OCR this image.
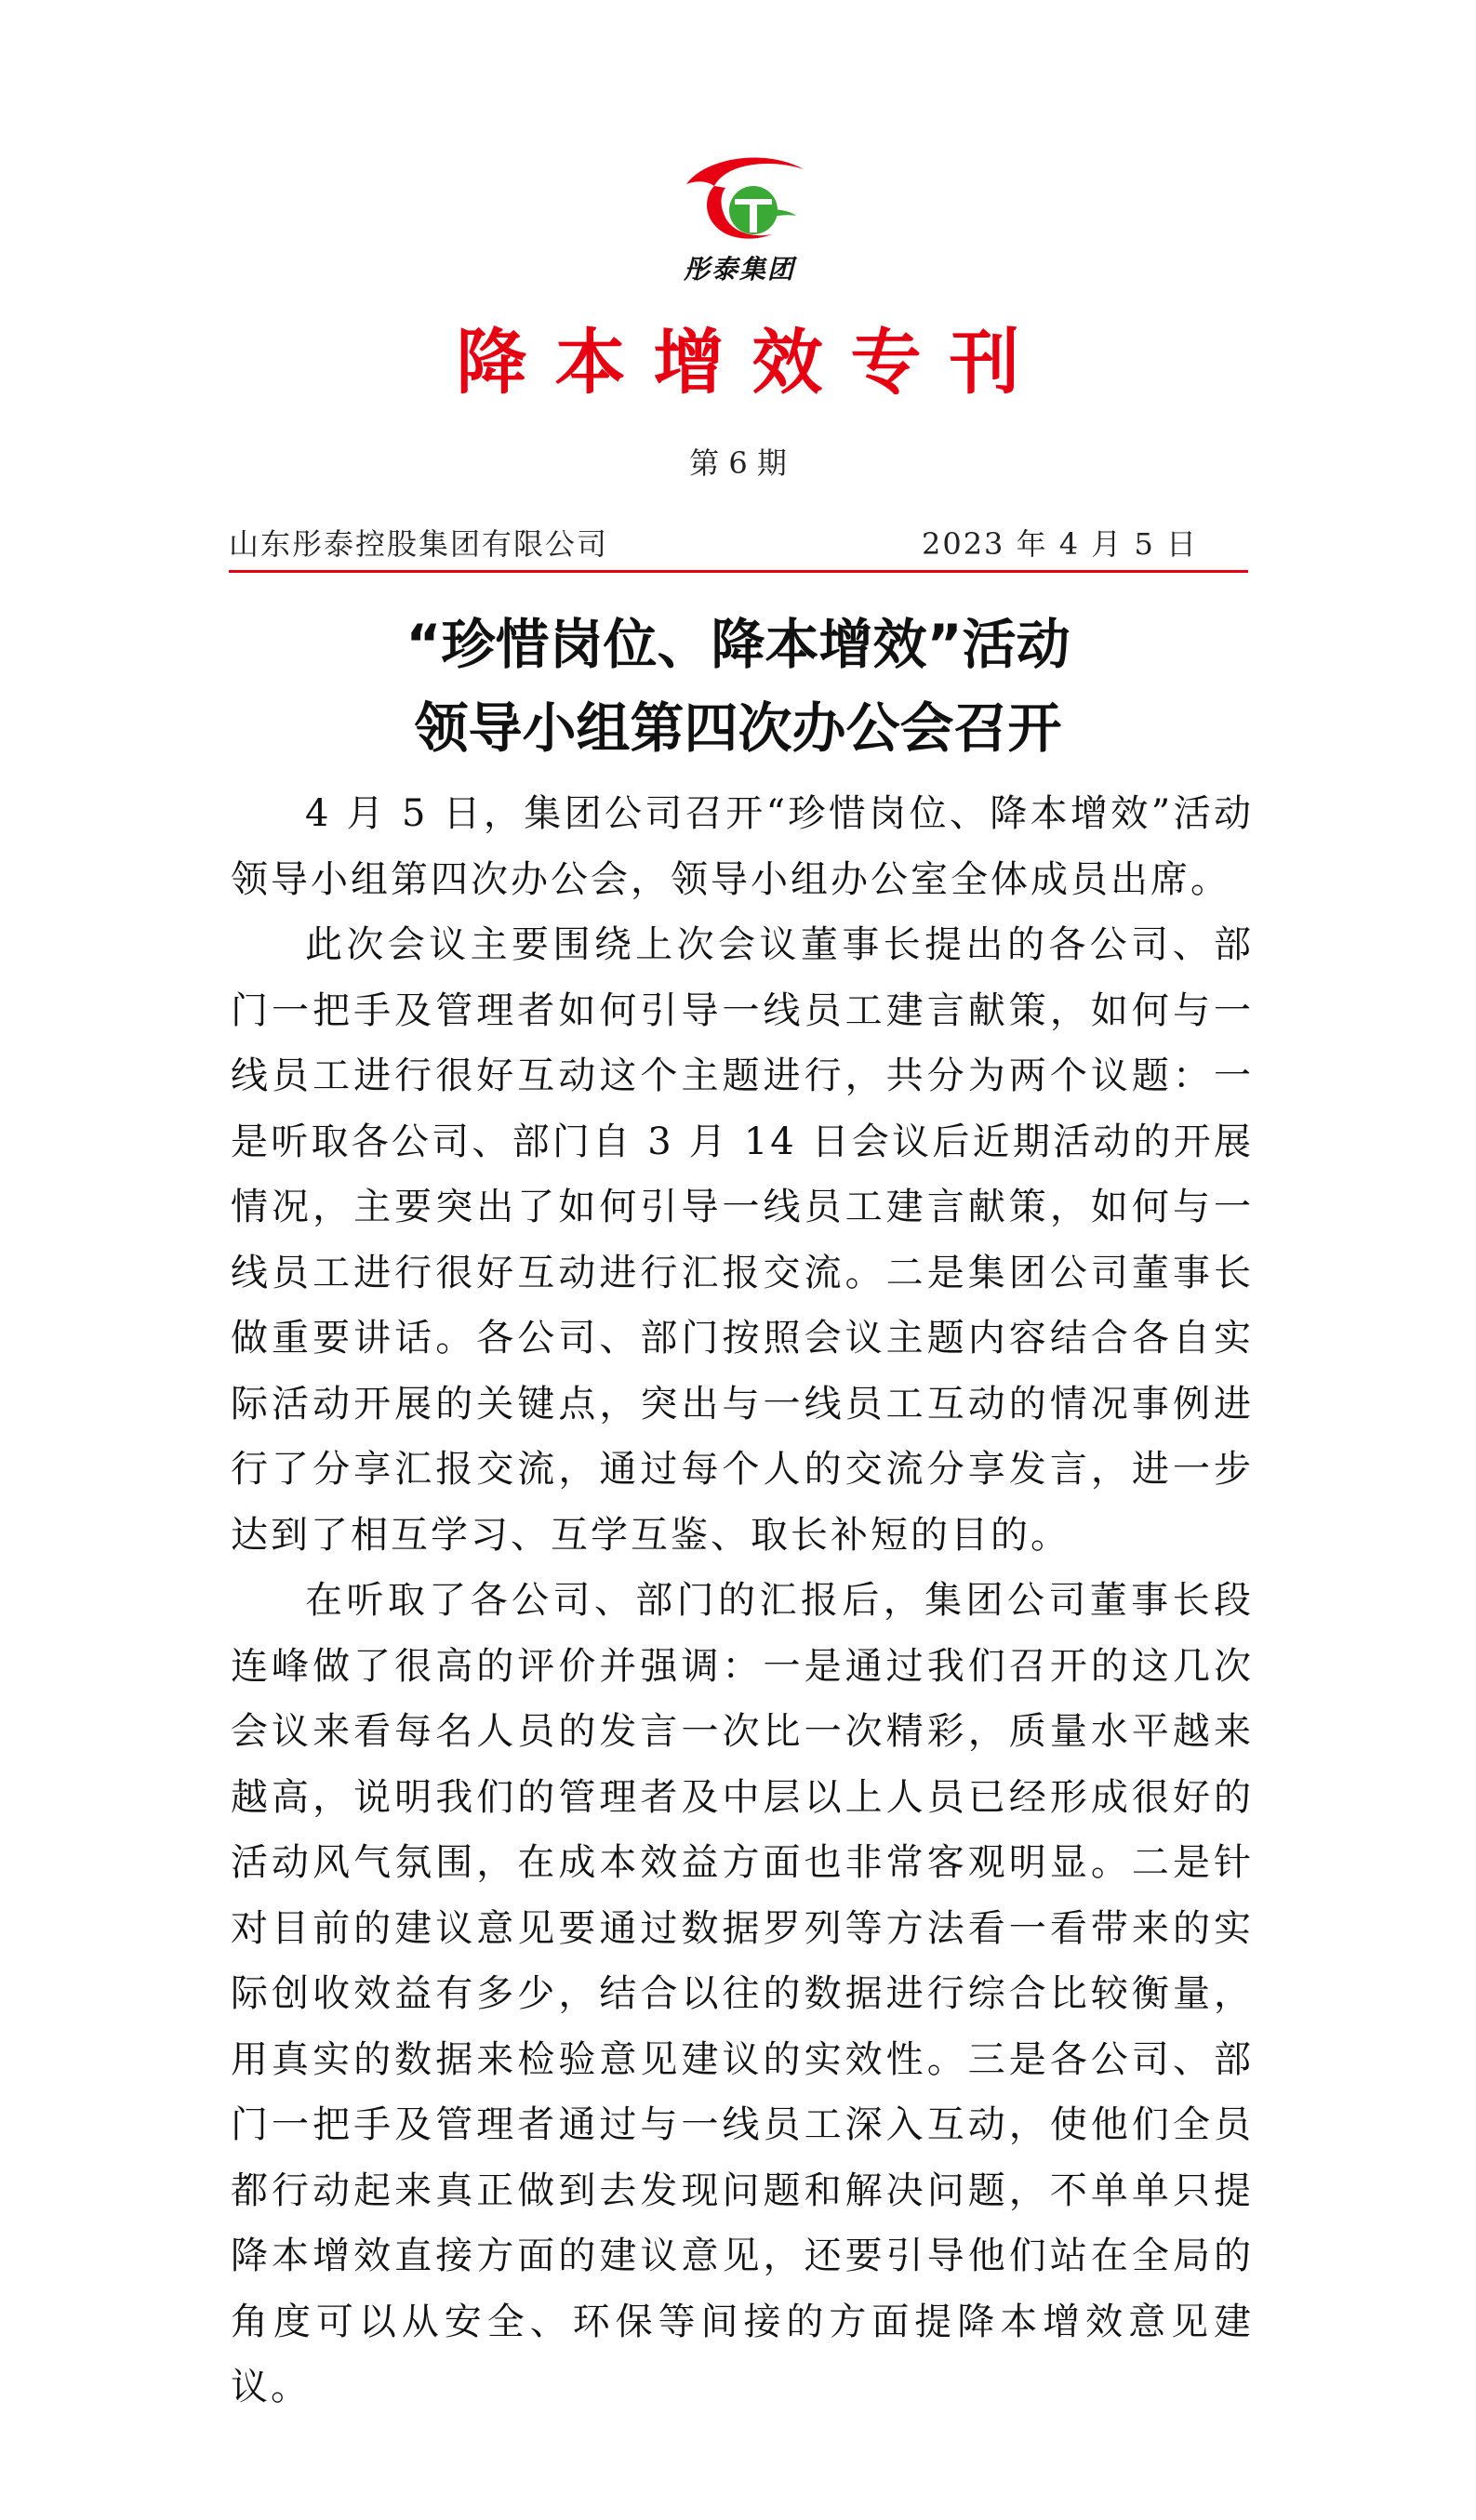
彤泰集团
降本增效专刊
第 6 期
山东彤泰控股集团有限公司	2023 年 4 月 5 日
“珍惜岗位、降本增效”活动
领导小组第四次办公会召开

4 月 5 日，集团公司召开“珍惜岗位、降本增效”活动领导小组第四次办公会，领导小组办公室全体成员出席。

此次会议主要围绕上次会议董事长提出的各公司、部门一把手及管理者如何引导一线员工建言献策，如何与一线员工进行很好互动这个主题进行，共分为两个议题：一是听取各公司、部门自 3 月 14 日会议后近期活动的开展情况，主要突出了如何引导一线员工建言献策，如何与一线员工进行很好互动进行汇报交流。二是集团公司董事长做重要讲话。各公司、部门按照会议主题内容结合各自实际活动开展的关键点，突出与一线员工互动的情况事例进行了分享汇报交流，通过每个人的交流分享发言，进一步达到了相互学习、互学互鉴、取长补短的目的。

在听取了各公司、部门的汇报后，集团公司董事长段连峰做了很高的评价并强调：一是通过我们召开的这几次会议来看每名人员的发言一次比一次精彩，质量水平越来越高，说明我们的管理者及中层以上人员已经形成很好的活动风气氛围，在成本效益方面也非常客观明显。二是针对目前的建议意见要通过数据罗列等方法看一看带来的实际创收效益有多少，结合以往的数据进行综合比较衡量，用真实的数据来检验意见建议的实效性。三是各公司、部门一把手及管理者通过与一线员工深入互动，使他们全员都行动起来真正做到去发现问题和解决问题，不单单只提降本增效直接方面的建议意见，还要引导他们站在全局的角度可以从安全、环保等间接的方面提降本增效意见建议。
